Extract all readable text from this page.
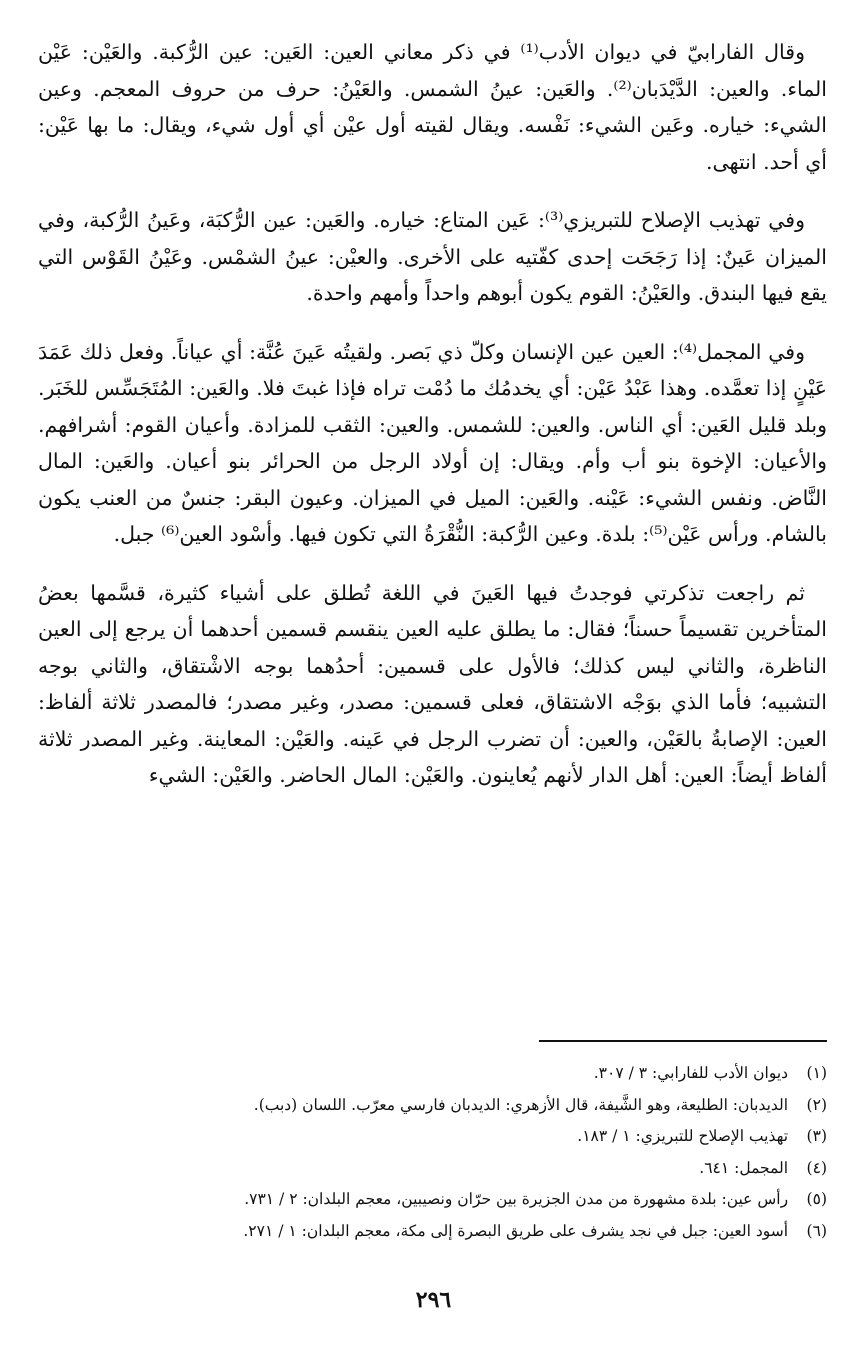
وقال الفارابيّ في ديوان الأدب⁽¹⁾ في ذكر معاني العين: العَين: عين الرُّكبة. والعَيْن: عَيْن الماء. والعين: الدَّيْدَبان⁽²⁾. والعَين: عينُ الشمس. والعَيْنُ: حرف من حروف المعجم. وعين الشيء: خياره. وعَين الشيء: نَفْسه. ويقال لقيته أول عيْن أي أول شيء، ويقال: ما بها عَيْن: أي أحد. انتهى.

وفي تهذيب الإصلاح للتبريزي⁽³⁾: عَين المتاع: خياره. والعَين: عين الرُّكبَة، وعَينُ الرُّكبة، وفي الميزان عَينٌ: إذا رَجَحَت إحدى كفّتيه على الأخرى. والعيْن: عينُ الشمْس. وعَيْنُ القَوْس التي يقع فيها البندق. والعَيْنُ: القوم يكون أبوهم واحداً وأمهم واحدة.

وفي المجمل⁽⁴⁾: العين عين الإنسان وكلّ ذي بَصر. ولقيتُه عَينَ عُنَّة: أي عياناً. وفعل ذلك عَمَدَ عَيْنٍ إذا تعمَّده. وهذا عَبْدُ عَيْن: أي يخدمُك ما دُمْت تراه فإذا غبتَ فلا. والعَين: المُتَجَسِّس للخَبَر. وبلد قليل العَين: أي الناس. والعين: للشمس. والعين: الثقب للمزادة. وأعيان القوم: أشرافهم. والأعيان: الإخوة بنو أب وأم. ويقال: إن أولاد الرجل من الحرائر بنو أعيان. والعَين: المال النَّاض. ونفس الشيء: عَيْنه. والعَين: الميل في الميزان. وعيون البقر: جنسٌ من العنب يكون بالشام. ورأس عَيْن⁽⁵⁾: بلدة. وعين الرُّكبة: النُّقْرَةُ التي تكون فيها. وأسْود العين⁽⁶⁾ جبل.

ثم راجعت تذكرتي فوجدتُ فيها العَينَ في اللغة تُطلق على أشياء كثيرة، قسَّمها بعضُ المتأخرين تقسيماً حسناً؛ فقال: ما يطلق عليه العين ينقسم قسمين أحدهما أن يرجع إلى العين الناظرة، والثاني ليس كذلك؛ فالأول على قسمين: أحدُهما بوجه الاشْتقاق، والثاني بوجه التشبيه؛ فأما الذي بوَجْه الاشتقاق، فعلى قسمين: مصدر، وغير مصدر؛ فالمصدر ثلاثة ألفاظ: العين: الإصابةُ بالعَيْن، والعين: أن تضرب الرجل في عَينه. والعَيْن: المعاينة. وغير المصدر ثلاثة ألفاظ أيضاً: العين: أهل الدار لأنهم يُعاينون. والعَيْن: المال الحاضر. والعَيْن: الشيء

(١) ديوان الأدب للفارابي: ٣ / ٣٠٧.

(٢) الديدبان: الطليعة، وهو الشَّيفة، قال الأزهري: الديدبان فارسي معرّب. اللسان (دبب).

(٣) تهذيب الإصلاح للتبريزي: ١ / ١٨٣.

(٤) المجمل: ٦٤١.

(٥) رأس عين: بلدة مشهورة من مدن الجزيرة بين حرّان ونصيبين، معجم البلدان: ٢ / ٧٣١.

(٦) أسود العين: جبل في نجد يشرف على طريق البصرة إلى مكة، معجم البلدان: ١ / ٢٧١.

٢٩٦
